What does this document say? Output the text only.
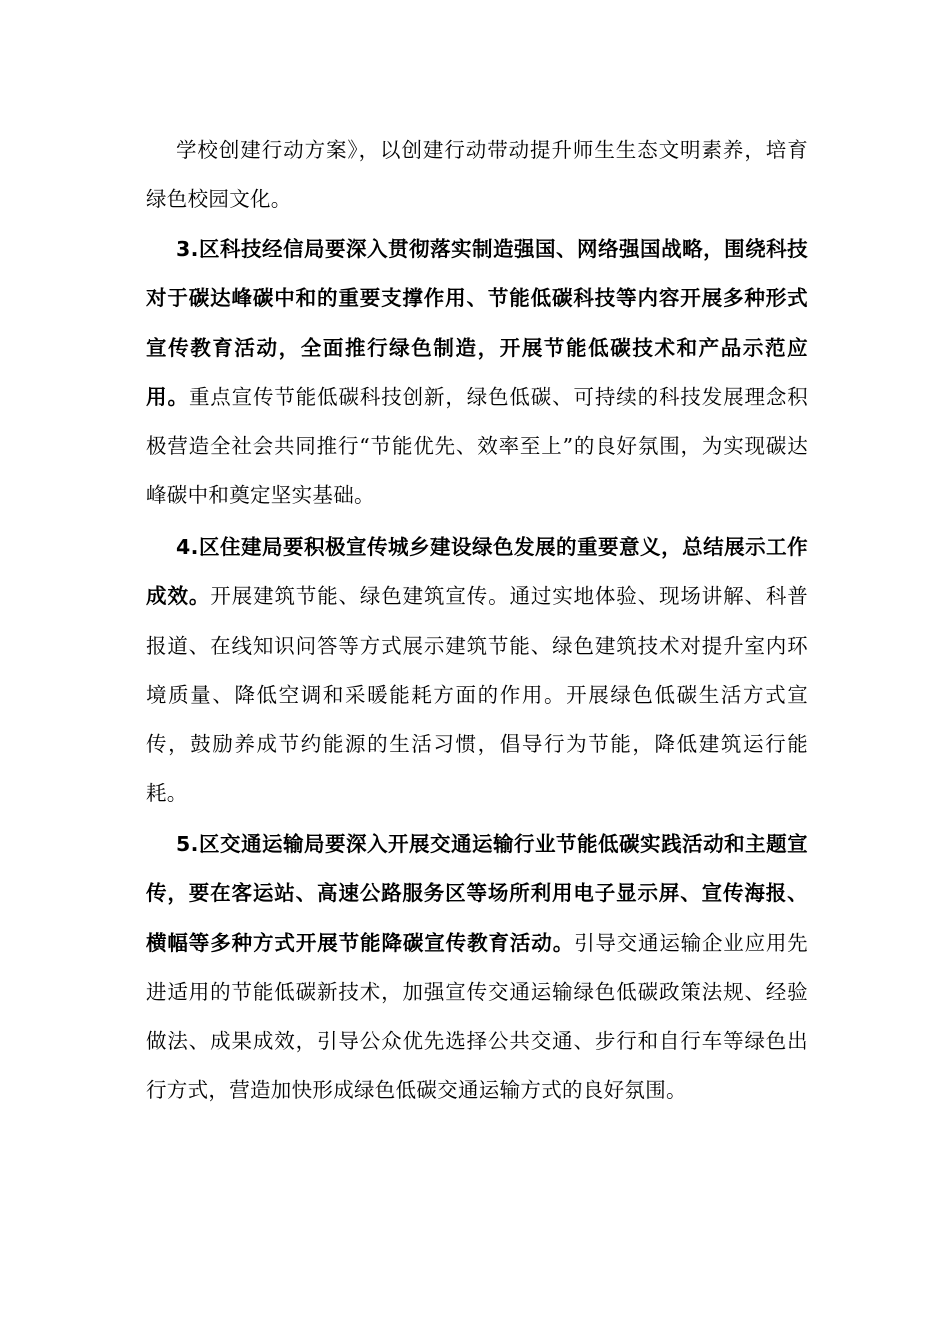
学校创建行动方案》，以创建行动带动提升师生生态文明素养，培育绿色校园文化。

3.区科技经信局要深入贯彻落实制造强国、网络强国战略，围绕科技对于碳达峰碳中和的重要支撑作用、节能低碳科技等内容开展多种形式宣传教育活动，全面推行绿色制造，开展节能低碳技术和产品示范应用。重点宣传节能低碳科技创新，绿色低碳、可持续的科技发展理念积极营造全社会共同推行“节能优先、效率至上”的良好氛围，为实现碳达峰碳中和奠定坚实基础。

4.区住建局要积极宣传城乡建设绿色发展的重要意义，总结展示工作成效。开展建筑节能、绿色建筑宣传。通过实地体验、现场讲解、科普报道、在线知识问答等方式展示建筑节能、绿色建筑技术对提升室内环境质量、降低空调和采暖能耗方面的作用。开展绿色低碳生活方式宣传，鼓励养成节约能源的生活习惯，倡导行为节能，降低建筑运行能耗。

5.区交通运输局要深入开展交通运输行业节能低碳实践活动和主题宣传，要在客运站、高速公路服务区等场所利用电子显示屏、宣传海报、横幅等多种方式开展节能降碳宣传教育活动。引导交通运输企业应用先进适用的节能低碳新技术，加强宣传交通运输绿色低碳政策法规、经验做法、成果成效，引导公众优先选择公共交通、步行和自行车等绿色出行方式，营造加快形成绿色低碳交通运输方式的良好氛围。
